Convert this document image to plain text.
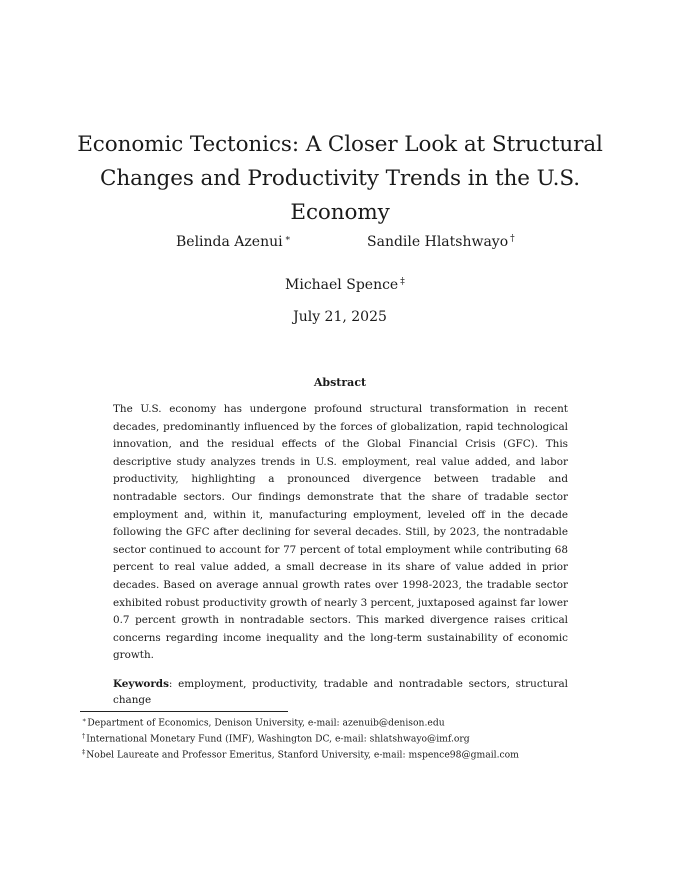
Economic Tectonics: A Closer Look at Structural
Changes and Productivity Trends in the U.S. Economy
Belinda Azenui ∗	Sandile Hlatshwayo †
Michael Spence ‡
July 21, 2025
Abstract

The U.S. economy has undergone profound structural transformation in recent decades, predominantly influenced by the forces of globalization, rapid technological innovation, and the residual effects of the Global Financial Crisis (GFC). This descriptive study analyzes trends in U.S. employment, real value added, and labor productivity, highlighting a pronounced divergence between tradable and nontradable sectors. Our findings demonstrate that the share of tradable sector employment and, within it, manufacturing employment, leveled off in the decade following the GFC after declining for several decades. Still, by 2023, the nontradable sector continued to account for 77 percent of total employment while contributing 68 percent to real value added, a small decrease in its share of value added in prior decades. Based on average annual growth rates over 1998-2023, the tradable sector exhibited robust productivity growth of nearly 3 percent, juxtaposed against far lower 0.7 percent growth in nontradable sectors. This marked divergence raises critical concerns regarding income inequality and the long-term sustainability of economic growth.

Keywords: employment, productivity, tradable and nontradable sectors, structural change

∗Department of Economics, Denison University, e-mail: azenuib@denison.edu
†International Monetary Fund (IMF), Washington DC, e-mail: shlatshwayo@imf.org
‡Nobel Laureate and Professor Emeritus, Stanford University, e-mail: mspence98@gmail.com
